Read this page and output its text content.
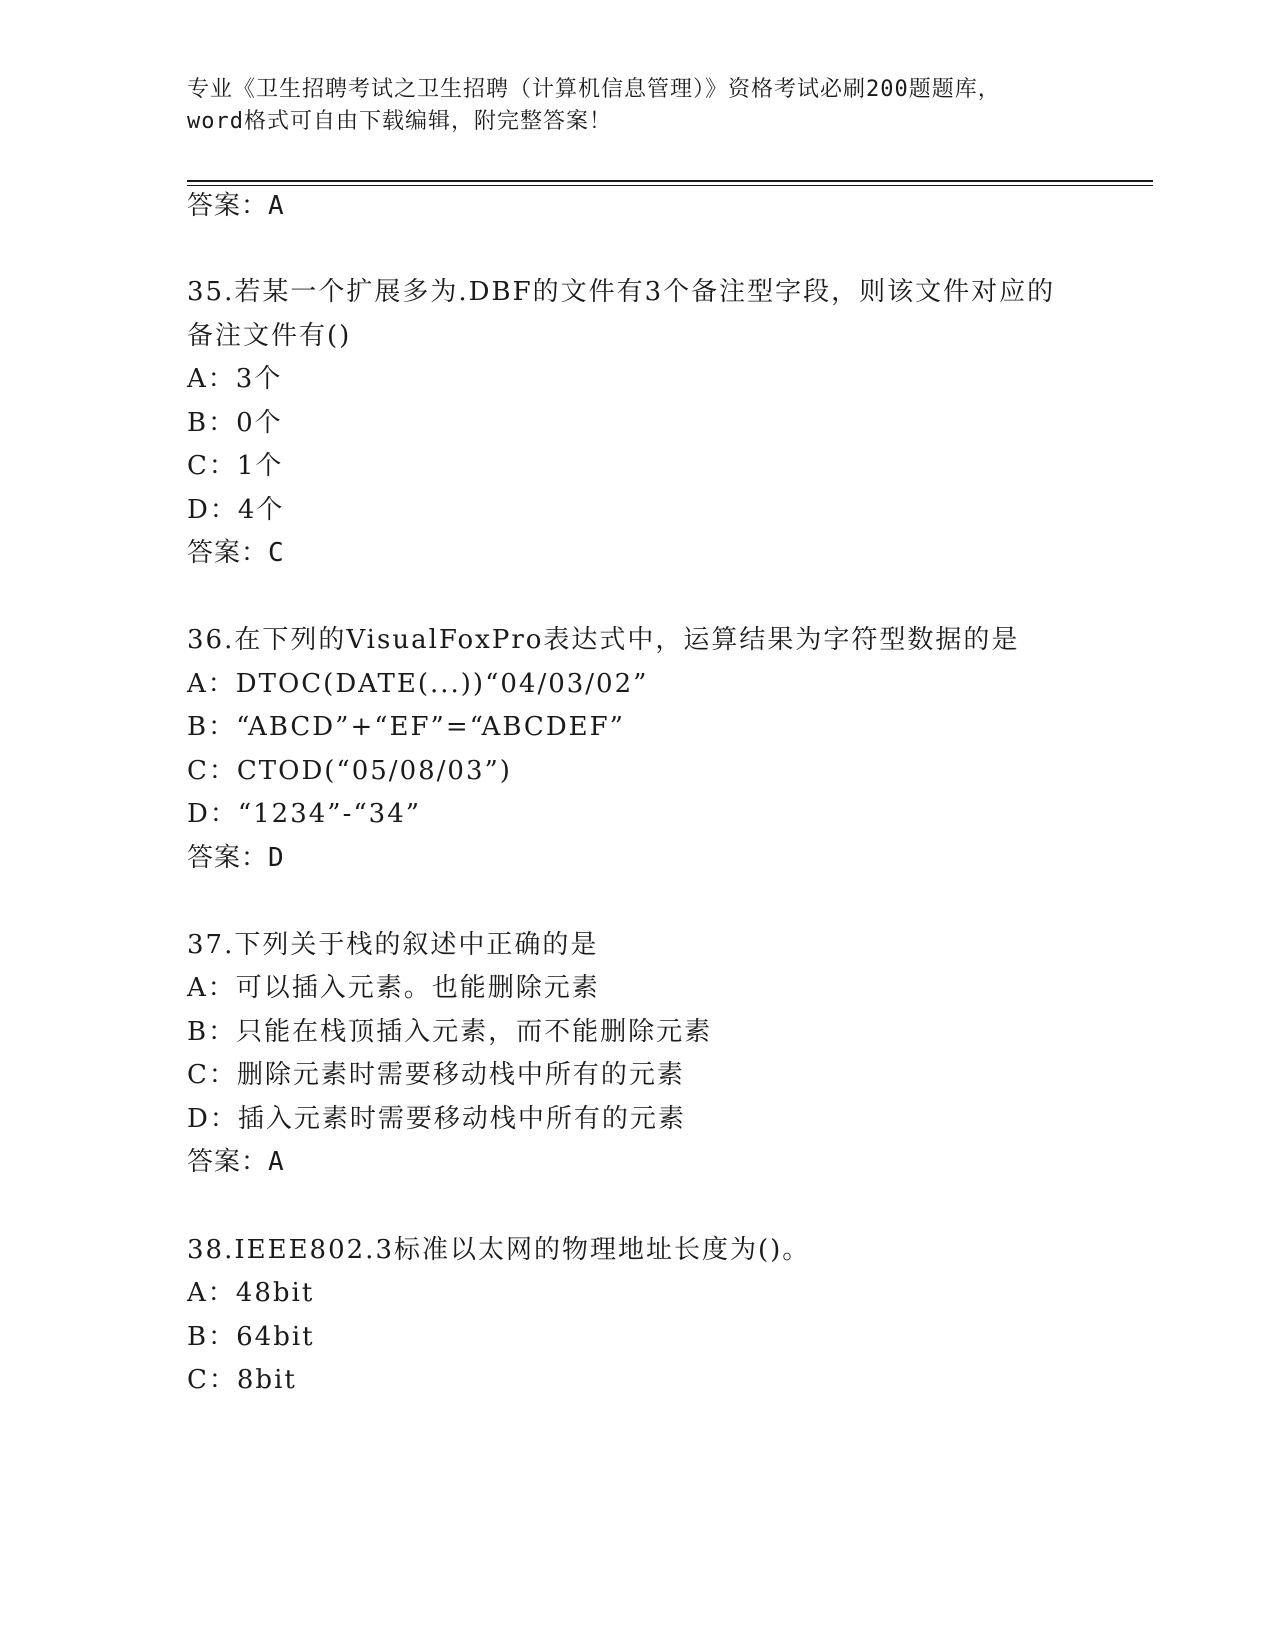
专业《卫生招聘考试之卫生招聘（计算机信息管理）》资格考试必刷200题题库，
word格式可自由下载编辑，附完整答案！
答案：A
35.若某一个扩展多为.DBF的文件有3个备注型字段，则该文件对应的
备注文件有()
A：3个
B：0个
C：1个
D：4个
答案：C
36.在下列的VisualFoxPro表达式中，运算结果为字符型数据的是
A：DTOC(DATE(...))“04/03/02”
B：“ABCD”+“EF”=“ABCDEF”
C：CTOD(“05/08/03”)
D：“1234”-“34”
答案：D
37.下列关于栈的叙述中正确的是
A：可以插入元素。也能删除元素
B：只能在栈顶插入元素，而不能删除元素
C：删除元素时需要移动栈中所有的元素
D：插入元素时需要移动栈中所有的元素
答案：A
38.IEEE802.3标准以太网的物理地址长度为()。
A：48bit
B：64bit
C：8bit
